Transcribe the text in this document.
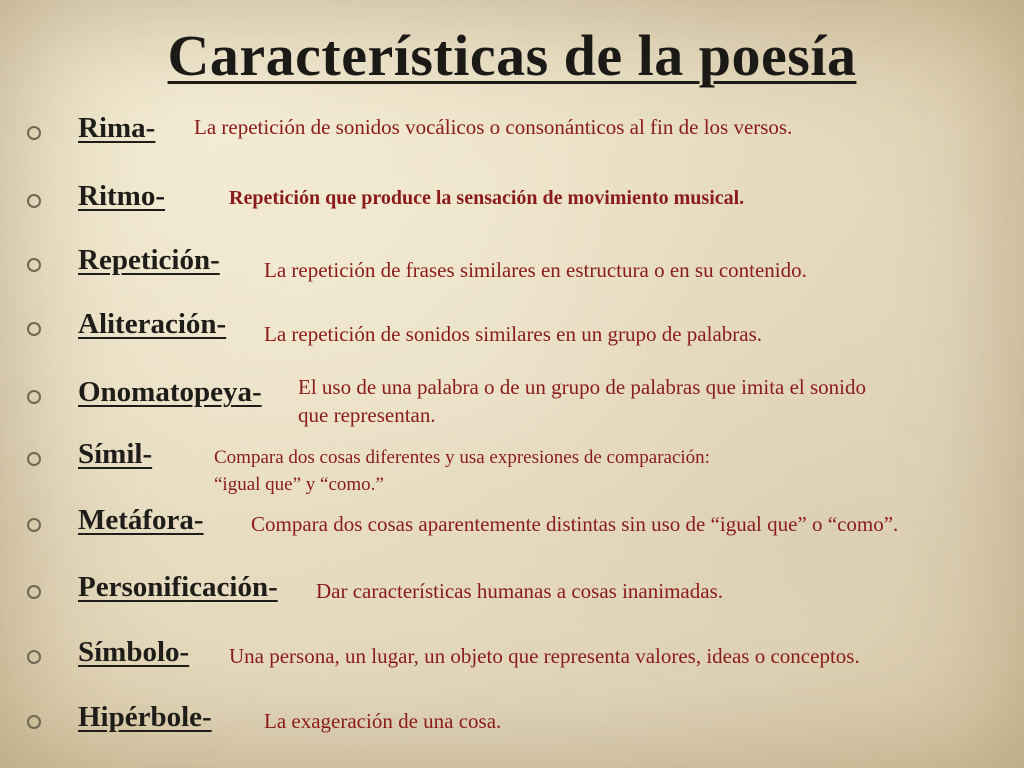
Características de la poesía
Rima- La repetición de sonidos vocálicos o consonánticos al fin de los versos.
Ritmo-	Repetición que produce la sensación de movimiento musical.
Repetición- La repetición de frases similares en estructura o en su contenido.
Aliteración- La repetición de sonidos similares en un grupo de palabras.
Onomatopeya- El uso de una palabra o de un grupo de palabras que imita el sonido que representan.
Símil-	Compara dos cosas diferentes y usa expresiones de comparación: “igual que” y “como.”
Metáfora- Compara dos cosas aparentemente distintas sin uso de “igual que” o “como”.
Personificación- Dar características humanas a cosas inanimadas.
Símbolo- Una persona, un lugar, un objeto que representa valores, ideas o conceptos.
Hipérbole- La exageración de una cosa.
